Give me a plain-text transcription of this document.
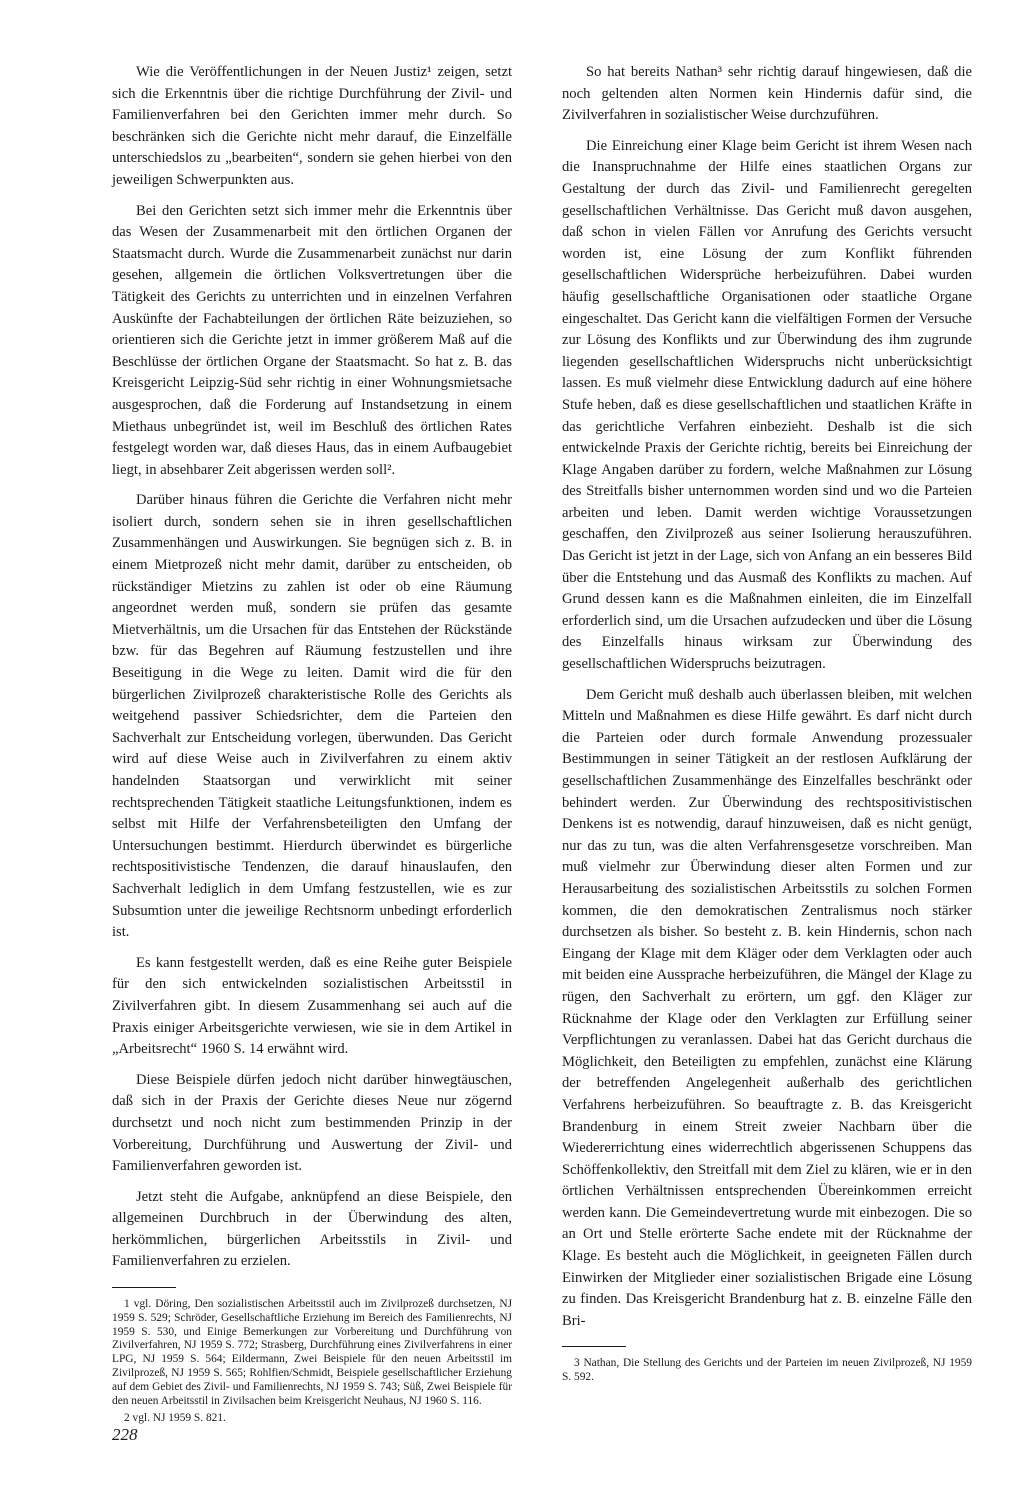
Wie die Veröffentlichungen in der Neuen Justiz¹ zeigen, setzt sich die Erkenntnis über die richtige Durchführung der Zivil- und Familienverfahren bei den Gerichten immer mehr durch. So beschränken sich die Gerichte nicht mehr darauf, die Einzelfälle unterschiedslos zu „bearbeiten“, sondern sie gehen hierbei von den jeweiligen Schwerpunkten aus.

Bei den Gerichten setzt sich immer mehr die Erkenntnis über das Wesen der Zusammenarbeit mit den örtlichen Organen der Staatsmacht durch. Wurde die Zusammenarbeit zunächst nur darin gesehen, allgemein die örtlichen Volksvertretungen über die Tätigkeit des Gerichts zu unterrichten und in einzelnen Verfahren Auskünfte der Fachabteilungen der örtlichen Räte beizuziehen, so orientieren sich die Gerichte jetzt in immer größerem Maß auf die Beschlüsse der örtlichen Organe der Staatsmacht. So hat z. B. das Kreisgericht Leipzig-Süd sehr richtig in einer Wohnungsmietsache ausgesprochen, daß die Forderung auf Instandsetzung in einem Miethaus unbegründet ist, weil im Beschluß des örtlichen Rates festgelegt worden war, daß dieses Haus, das in einem Aufbaugebiet liegt, in absehbarer Zeit abgerissen werden soll².

Darüber hinaus führen die Gerichte die Verfahren nicht mehr isoliert durch, sondern sehen sie in ihren gesellschaftlichen Zusammenhängen und Auswirkungen. Sie begnügen sich z. B. in einem Mietprozeß nicht mehr damit, darüber zu entscheiden, ob rückständiger Mietzins zu zahlen ist oder ob eine Räumung angeordnet werden muß, sondern sie prüfen das gesamte Mietverhältnis, um die Ursachen für das Entstehen der Rückstände bzw. für das Begehren auf Räumung festzustellen und ihre Beseitigung in die Wege zu leiten. Damit wird die für den bürgerlichen Zivilprozeß charakteristische Rolle des Gerichts als weitgehend passiver Schiedsrichter, dem die Parteien den Sachverhalt zur Entscheidung vorlegen, überwunden. Das Gericht wird auf diese Weise auch in Zivilverfahren zu einem aktiv handelnden Staatsorgan und verwirklicht mit seiner rechtsprechenden Tätigkeit staatliche Leitungsfunktionen, indem es selbst mit Hilfe der Verfahrensbeteiligten den Umfang der Untersuchungen bestimmt. Hierdurch überwindet es bürgerliche rechtspositivistische Tendenzen, die darauf hinauslaufen, den Sachverhalt lediglich in dem Umfang festzustellen, wie es zur Subsumtion unter die jeweilige Rechtsnorm unbedingt erforderlich ist.

Es kann festgestellt werden, daß es eine Reihe guter Beispiele für den sich entwickelnden sozialistischen Arbeitsstil in Zivilverfahren gibt. In diesem Zusammenhang sei auch auf die Praxis einiger Arbeitsgerichte verwiesen, wie sie in dem Artikel in „Arbeitsrecht“ 1960 S. 14 erwähnt wird.

Diese Beispiele dürfen jedoch nicht darüber hinwegtäuschen, daß sich in der Praxis der Gerichte dieses Neue nur zögernd durchsetzt und noch nicht zum bestimmenden Prinzip in der Vorbereitung, Durchführung und Auswertung der Zivil- und Familienverfahren geworden ist.

Jetzt steht die Aufgabe, anknüpfend an diese Beispiele, den allgemeinen Durchbruch in der Überwindung des alten, herkömmlichen, bürgerlichen Arbeitsstils in Zivil- und Familienverfahren zu erzielen.

1 vgl. Döring, Den sozialistischen Arbeitsstil auch im Zivilprozeß durchsetzen, NJ 1959 S. 529; Schröder, Gesellschaftliche Erziehung im Bereich des Familienrechts, NJ 1959 S. 530, und Einige Bemerkungen zur Vorbereitung und Durchführung von Zivilverfahren, NJ 1959 S. 772; Strasberg, Durchführung eines Zivilverfahrens in einer LPG, NJ 1959 S. 564; Eildermann, Zwei Beispiele für den neuen Arbeitsstil im Zivilprozeß, NJ 1959 S. 565; Rohlfien/Schmidt, Beispiele gesellschaftlicher Erziehung auf dem Gebiet des Zivil- und Familienrechts, NJ 1959 S. 743; Süß, Zwei Beispiele für den neuen Arbeitsstil in Zivilsachen beim Kreisgericht Neuhaus, NJ 1960 S. 116.

2 vgl. NJ 1959 S. 821.

So hat bereits Nathan³ sehr richtig darauf hingewiesen, daß die noch geltenden alten Normen kein Hindernis dafür sind, die Zivilverfahren in sozialistischer Weise durchzuführen.

Die Einreichung einer Klage beim Gericht ist ihrem Wesen nach die Inanspruchnahme der Hilfe eines staatlichen Organs zur Gestaltung der durch das Zivil- und Familienrecht geregelten gesellschaftlichen Verhältnisse. Das Gericht muß davon ausgehen, daß schon in vielen Fällen vor Anrufung des Gerichts versucht worden ist, eine Lösung der zum Konflikt führenden gesellschaftlichen Widersprüche herbeizuführen. Dabei wurden häufig gesellschaftliche Organisationen oder staatliche Organe eingeschaltet. Das Gericht kann die vielfältigen Formen der Versuche zur Lösung des Konflikts und zur Überwindung des ihm zugrunde liegenden gesellschaftlichen Widerspruchs nicht unberücksichtigt lassen. Es muß vielmehr diese Entwicklung dadurch auf eine höhere Stufe heben, daß es diese gesellschaftlichen und staatlichen Kräfte in das gerichtliche Verfahren einbezieht. Deshalb ist die sich entwickelnde Praxis der Gerichte richtig, bereits bei Einreichung der Klage Angaben darüber zu fordern, welche Maßnahmen zur Lösung des Streitfalls bisher unternommen worden sind und wo die Parteien arbeiten und leben. Damit werden wichtige Voraussetzungen geschaffen, den Zivilprozeß aus seiner Isolierung herauszuführen. Das Gericht ist jetzt in der Lage, sich von Anfang an ein besseres Bild über die Entstehung und das Ausmaß des Konflikts zu machen. Auf Grund dessen kann es die Maßnahmen einleiten, die im Einzelfall erforderlich sind, um die Ursachen aufzudecken und über die Lösung des Einzelfalls hinaus wirksam zur Überwindung des gesellschaftlichen Widerspruchs beizutragen.

Dem Gericht muß deshalb auch überlassen bleiben, mit welchen Mitteln und Maßnahmen es diese Hilfe gewährt. Es darf nicht durch die Parteien oder durch formale Anwendung prozessualer Bestimmungen in seiner Tätigkeit an der restlosen Aufklärung der gesellschaftlichen Zusammenhänge des Einzelfalles beschränkt oder behindert werden. Zur Überwindung des rechtspositivistischen Denkens ist es notwendig, darauf hinzuweisen, daß es nicht genügt, nur das zu tun, was die alten Verfahrensgesetze vorschreiben. Man muß vielmehr zur Überwindung dieser alten Formen und zur Herausarbeitung des sozialistischen Arbeitsstils zu solchen Formen kommen, die den demokratischen Zentralismus noch stärker durchsetzen als bisher. So besteht z. B. kein Hindernis, schon nach Eingang der Klage mit dem Kläger oder dem Verklagten oder auch mit beiden eine Aussprache herbeizuführen, die Mängel der Klage zu rügen, den Sachverhalt zu erörtern, um ggf. den Kläger zur Rücknahme der Klage oder den Verklagten zur Erfüllung seiner Verpflichtungen zu veranlassen. Dabei hat das Gericht durchaus die Möglichkeit, den Beteiligten zu empfehlen, zunächst eine Klärung der betreffenden Angelegenheit außerhalb des gerichtlichen Verfahrens herbeizuführen. So beauftragte z. B. das Kreisgericht Brandenburg in einem Streit zweier Nachbarn über die Wiedererrichtung eines widerrechtlich abgerissenen Schuppens das Schöffenkollektiv, den Streitfall mit dem Ziel zu klären, wie er in den örtlichen Verhältnissen entsprechenden Übereinkommen erreicht werden kann. Die Gemeindevertretung wurde mit einbezogen. Die so an Ort und Stelle erörterte Sache endete mit der Rücknahme der Klage. Es besteht auch die Möglichkeit, in geeigneten Fällen durch Einwirken der Mitglieder einer sozialistischen Brigade eine Lösung zu finden. Das Kreisgericht Brandenburg hat z. B. einzelne Fälle den Bri-

3 Nathan, Die Stellung des Gerichts und der Parteien im neuen Zivilprozeß, NJ 1959 S. 592.

228
